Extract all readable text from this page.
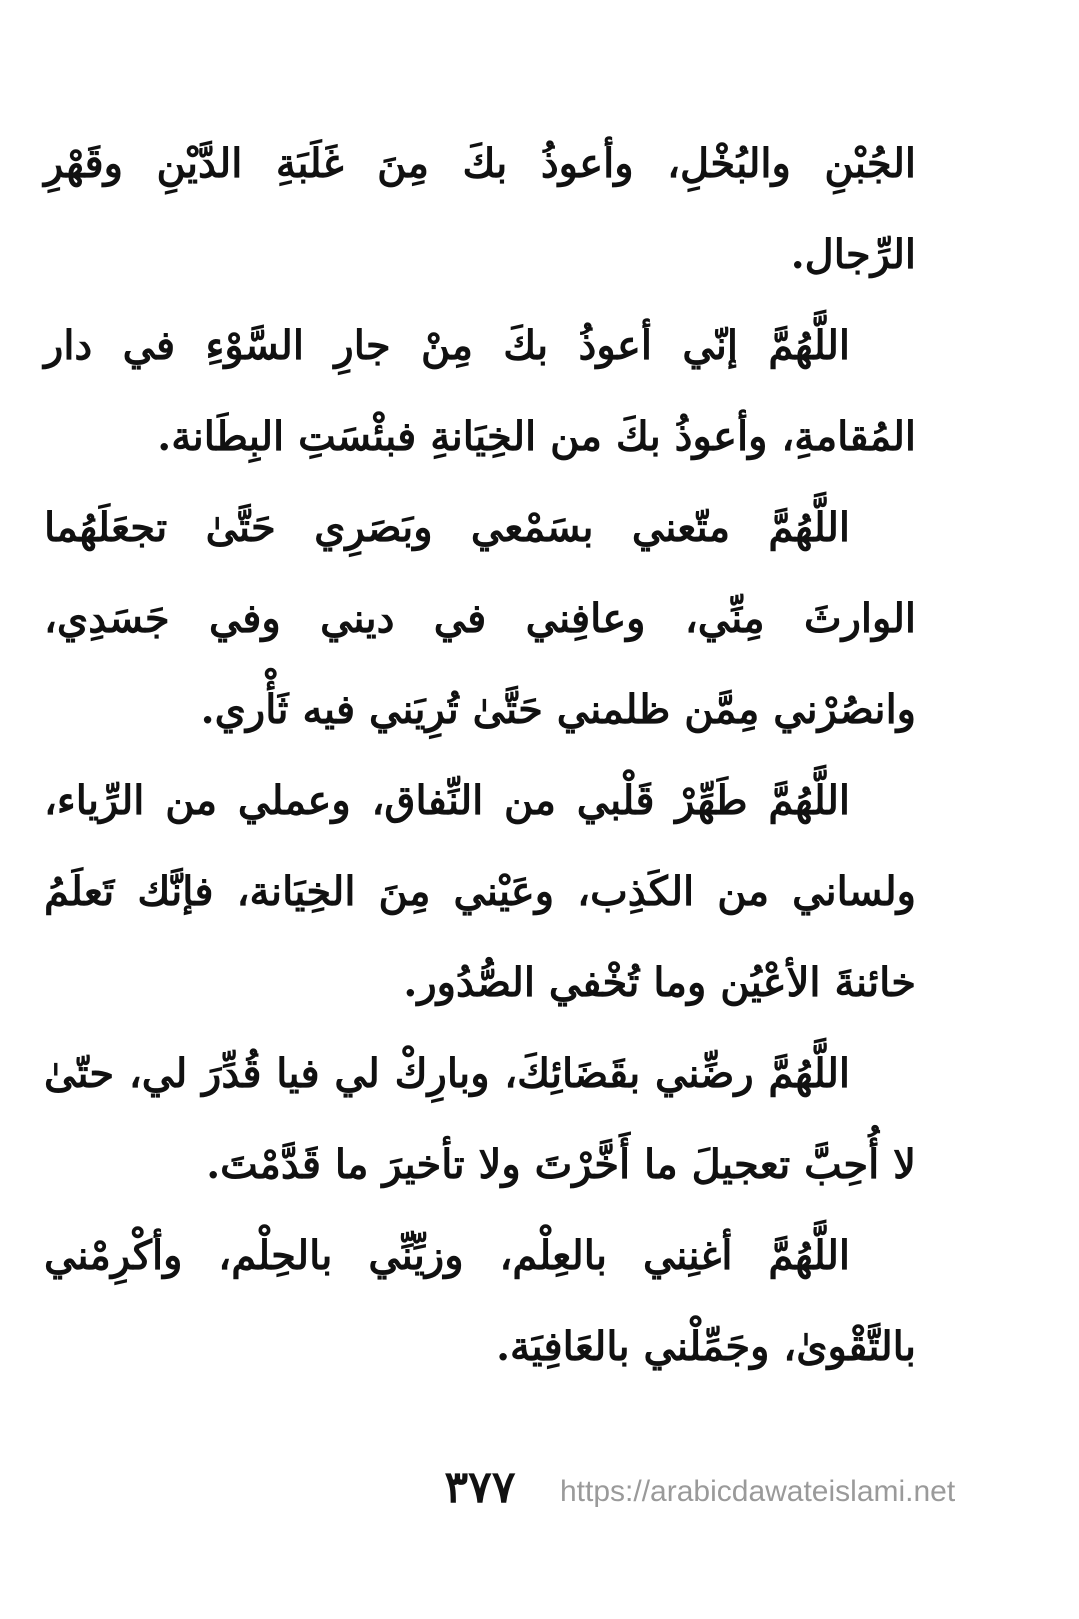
الجُبْنِ والبُخْلِ، وأعوذُ بكَ مِنَ غَلَبَةِ الدَّيْنِ وقَهْرِ الرِّجال.

اللَّهُمَّ إنّي أعوذُ بكَ مِنْ جارِ السَّوْءِ في دار المُقامةِ، وأعوذُ بكَ من الخِيَانةِ فبئْسَتِ البِطَانة.

اللَّهُمَّ متّعني بسَمْعي وبَصَرِي حَتَّىٰ تجعَلَهُما الوارثَ مِنِّي، وعافِني في ديني وفي جَسَدِي، وانصُرْني مِمَّن ظلمني حَتَّىٰ تُرِيَني فيه ثَأْري.

اللَّهُمَّ طَهِّرْ قَلْبي من النِّفاق، وعملي من الرِّياء، ولساني من الكَذِب، وعَيْني مِنَ الخِيَانة، فإنَّك تَعلَمُ خائنةَ الأعْيُن وما تُخْفي الصُّدُور.

اللَّهُمَّ رضِّني بقَضَائِكَ، وبارِكْ لي فيا قُدِّرَ لي، حتّىٰ لا أُحِبَّ تعجيلَ ما أَخَّرْتَ ولا تأخيرَ ما قَدَّمْتَ.

اللَّهُمَّ أغنِني بالعِلْم، وزيِّنِّي بالحِلْم، وأكْرِمْني بالتَّقْوىٰ، وجَمِّلْني بالعَافِيَة.

٣٧٧	https://arabicdawateislami.net
